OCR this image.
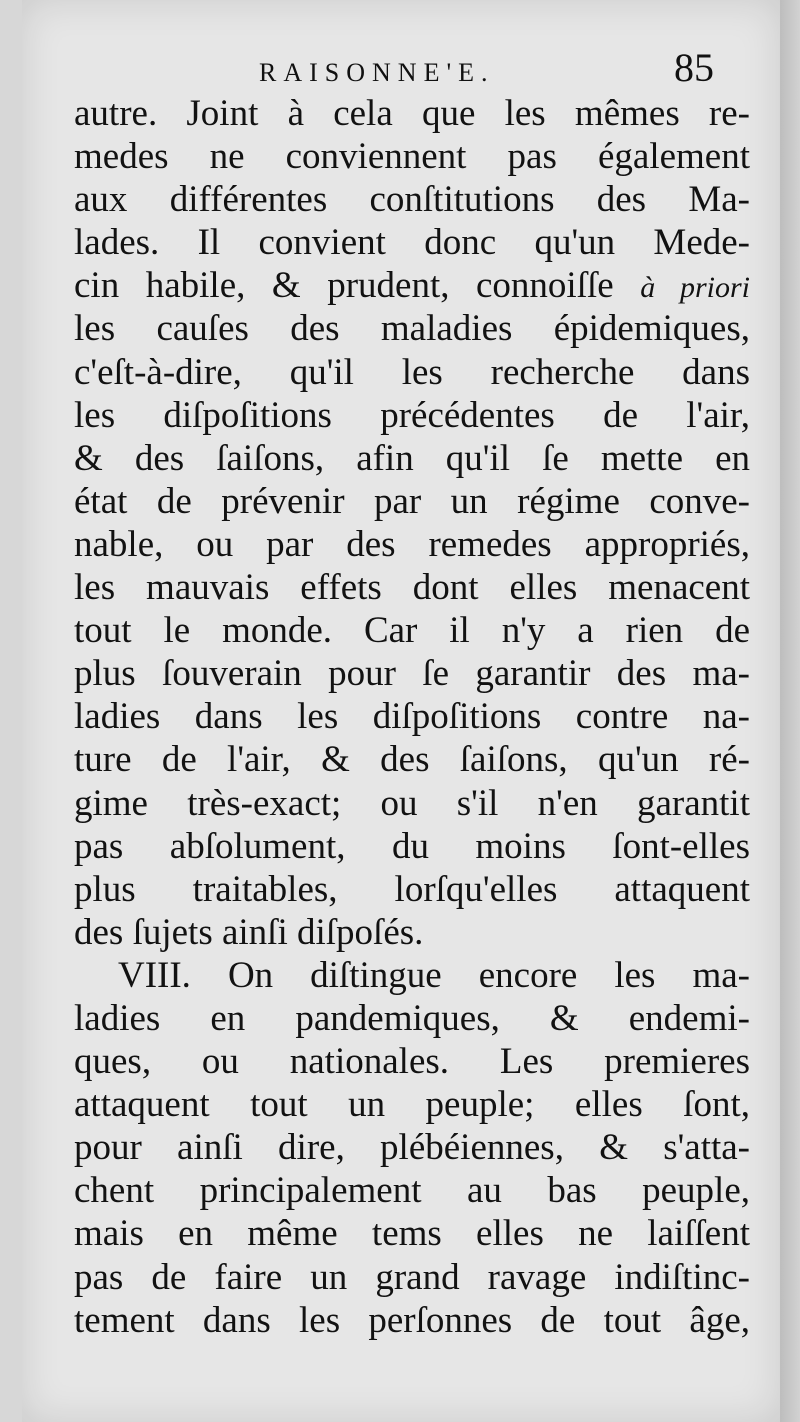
RAISONNE'E.	85
autre. Joint à cela que les mêmes re-
medes ne conviennent pas également
aux différentes conſtitutions des Ma-
lades. Il convient donc qu'un Mede-
cin habile, & prudent, connoiſſe à priori
les cauſes des maladies épidemiques,
c'eſt-à-dire, qu'il les recherche dans
les diſpoſitions précédentes de l'air,
& des ſaiſons, afin qu'il ſe mette en
état de prévenir par un régime conve-
nable, ou par des remedes appropriés,
les mauvais effets dont elles menacent
tout le monde. Car il n'y a rien de
plus ſouverain pour ſe garantir des ma-
ladies dans les diſpoſitions contre na-
ture de l'air, & des ſaiſons, qu'un ré-
gime très-exact; ou s'il n'en garantit
pas abſolument, du moins ſont-elles
plus traitables, lorſqu'elles attaquent
des ſujets ainſi diſpoſés.
VIII. On diſtingue encore les ma-
ladies en pandemiques, & endemi-
ques, ou nationales. Les premieres
attaquent tout un peuple; elles ſont,
pour ainſi dire, plébéiennes, & s'atta-
chent principalement au bas peuple,
mais en même tems elles ne laiſſent
pas de faire un grand ravage indiſtinc-
tement dans les perſonnes de tout âge,
